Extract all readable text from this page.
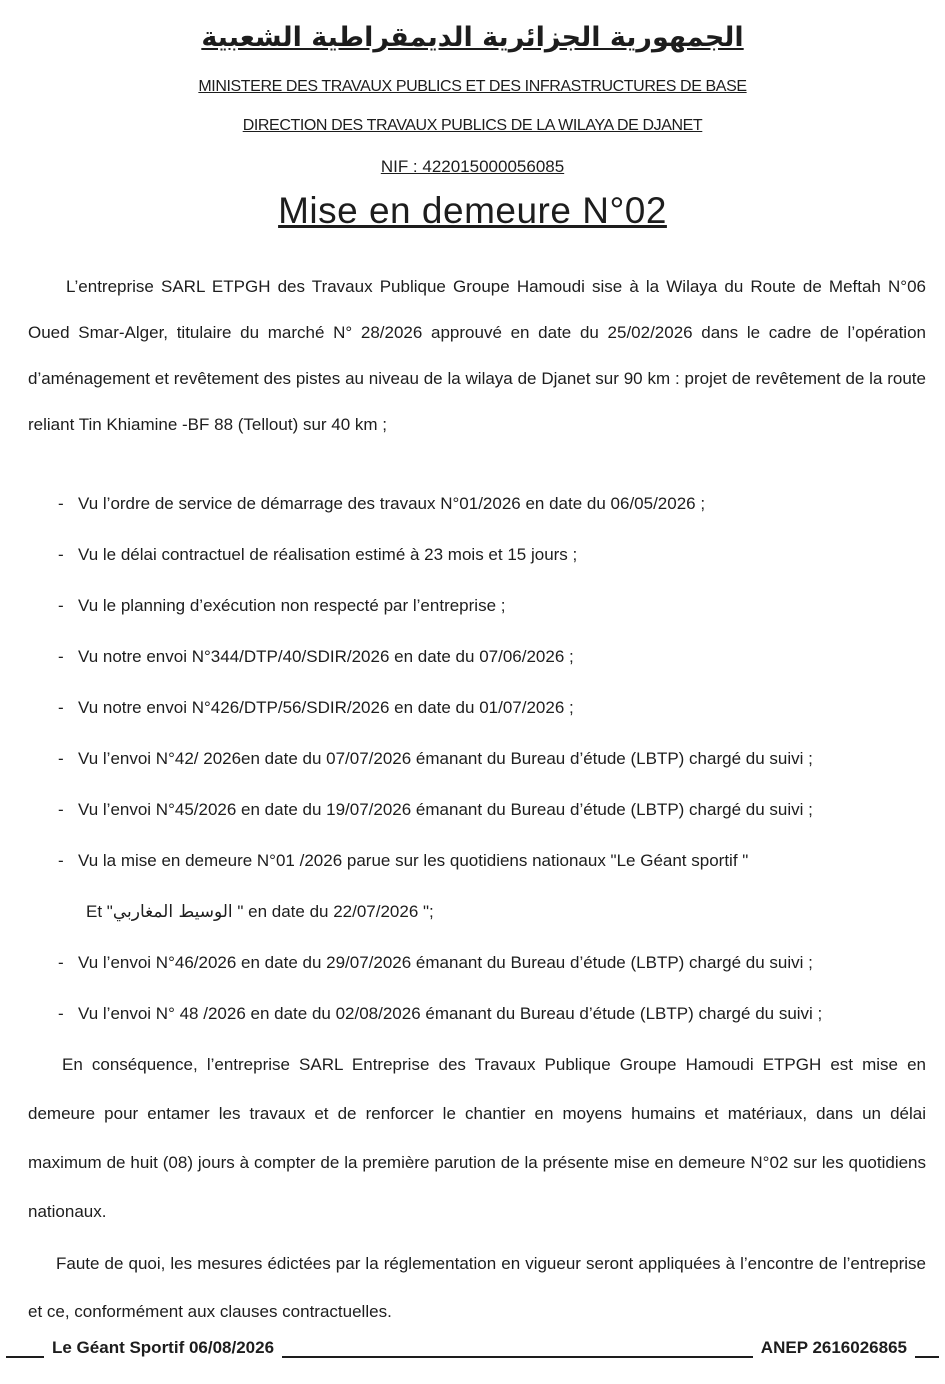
الجمهورية الجزائرية الديمقراطية الشعبية
MINISTERE DES TRAVAUX PUBLICS ET DES INFRASTRUCTURES DE BASE
DIRECTION DES TRAVAUX PUBLICS DE LA WILAYA DE DJANET
NIF : 422015000056085
Mise en demeure N°02

L’entreprise SARL ETPGH des Travaux Publique Groupe Hamoudi sise à la Wilaya du Route de Meftah N°06 Oued Smar-Alger, titulaire du marché N° 28/2026 approuvé en date du 25/02/2026 dans le cadre de l’opération d’aménagement et revêtement des pistes au niveau de la wilaya de Djanet sur 90 km : projet de revêtement de la route reliant Tin Khiamine -BF 88 (Tellout) sur 40 km ;

- Vu l’ordre de service de démarrage des travaux N°01/2026 en date du 06/05/2026 ;
- Vu le délai contractuel de réalisation estimé à 23 mois et 15 jours ;
- Vu le planning d’exécution non respecté par l’entreprise ;
- Vu notre envoi N°344/DTP/40/SDIR/2026 en date du 07/06/2026 ;
- Vu notre envoi N°426/DTP/56/SDIR/2026 en date du 01/07/2026 ;
- Vu l’envoi N°42/ 2026en date du 07/07/2026 émanant du Bureau d’étude (LBTP) chargé du suivi ;
- Vu l’envoi N°45/2026 en date du 19/07/2026 émanant du Bureau d’étude (LBTP) chargé du suivi ;
- Vu la mise en demeure N°01 /2026 parue sur les quotidiens nationaux "Le Géant sportif "
Et "الوسيط المغاربي " en date du 22/07/2026 ";
- Vu l’envoi N°46/2026 en date du 29/07/2026 émanant du Bureau d’étude (LBTP) chargé du suivi ;
- Vu l’envoi N° 48 /2026 en date du 02/08/2026 émanant du Bureau d’étude (LBTP) chargé du suivi ;

En conséquence, l’entreprise SARL Entreprise des Travaux Publique Groupe Hamoudi ETPGH est mise en demeure pour entamer les travaux et de renforcer le chantier en moyens humains et matériaux, dans un délai maximum de huit (08) jours à compter de la première parution de la présente mise en demeure N°02 sur les quotidiens nationaux.

Faute de quoi, les mesures édictées par la réglementation en vigueur seront appliquées à l’encontre de l’entreprise et ce, conformément aux clauses contractuelles.

Le Géant Sportif 06/08/2026	ANEP 2616026865
